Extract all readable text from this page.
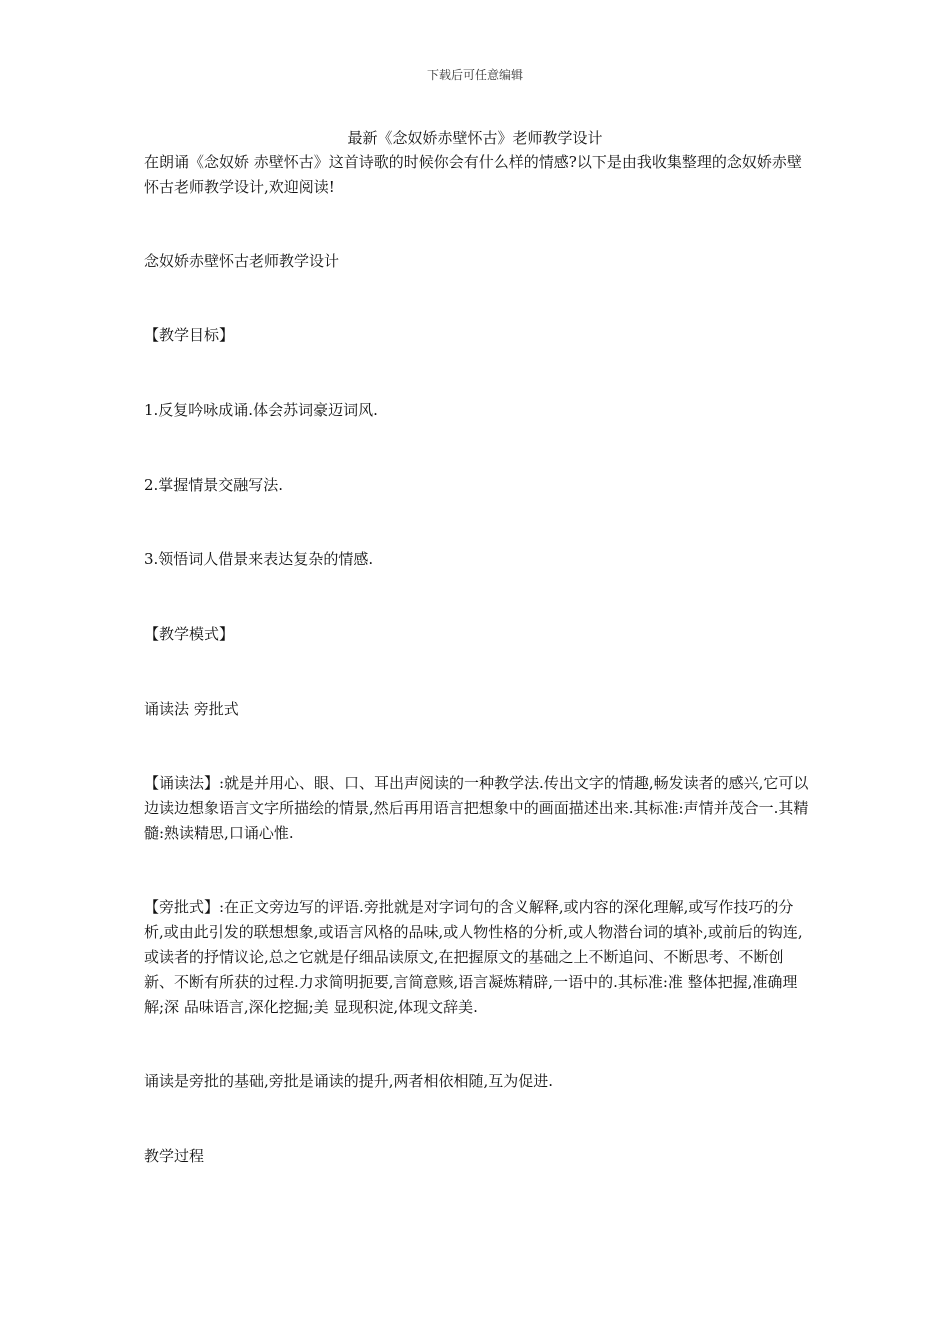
下载后可任意编辑
最新《念奴娇赤壁怀古》老师教学设计

在朗诵《念奴娇 赤壁怀古》这首诗歌的时候你会有什么样的情感?以下是由我收集整理的念奴娇赤壁怀古老师教学设计,欢迎阅读!

念奴娇赤壁怀古老师教学设计

【教学目标】

1.反复吟咏成诵.体会苏词豪迈词风.

2.掌握情景交融写法.

3.领悟词人借景来表达复杂的情感.

【教学模式】

诵读法 旁批式

【诵读法】:就是并用心、眼、口、耳出声阅读的一种教学法.传出文字的情趣,畅发读者的感兴,它可以边读边想象语言文字所描绘的情景,然后再用语言把想象中的画面描述出来.其标准:声情并茂合一.其精髓:熟读精思,口诵心惟.

【旁批式】:在正文旁边写的评语.旁批就是对字词句的含义解释,或内容的深化理解,或写作技巧的分析,或由此引发的联想想象,或语言风格的品味,或人物性格的分析,或人物潜台词的填补,或前后的钩连,或读者的抒情议论,总之它就是仔细品读原文,在把握原文的基础之上不断追问、不断思考、不断创新、不断有所获的过程.力求简明扼要,言简意赅,语言凝炼精辟,一语中的.其标准:准 整体把握,准确理解;深 品味语言,深化挖掘;美 显现积淀,体现文辞美.

诵读是旁批的基础,旁批是诵读的提升,两者相依相随,互为促进.

教学过程
